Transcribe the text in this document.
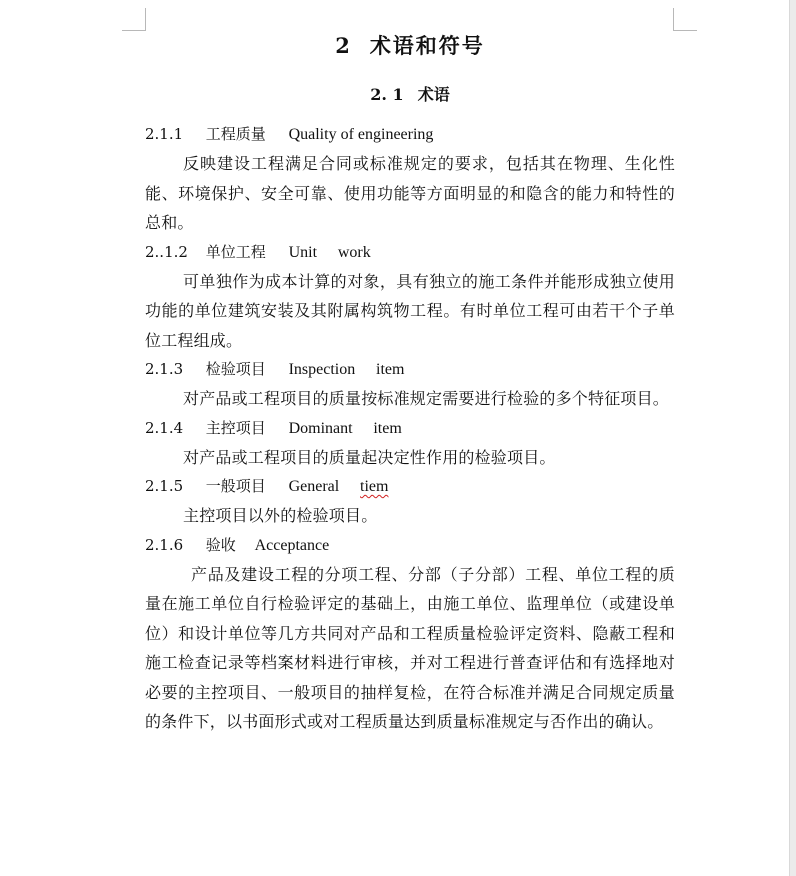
2 术语和符号
2. 1 术语
2.1.1 工程质量 Quality of engineering

反映建设工程满足合同或标准规定的要求，包括其在物理、生化性能、环境保护、安全可靠、使用功能等方面明显的和隐含的能力和特性的总和。

2..1.2 单位工程 Unit work

可单独作为成本计算的对象，具有独立的施工条件并能形成独立使用功能的单位建筑安装及其附属构筑物工程。有时单位工程可由若干个子单位工程组成。

2.1.3 检验项目 Inspection item

对产品或工程项目的质量按标准规定需要进行检验的多个特征项目。

2.1.4 主控项目 Dominant item

对产品或工程项目的质量起决定性作用的检验项目。

2.1.5 一般项目 General tiem

主控项目以外的检验项目。

2.1.6 验收 Acceptance

产品及建设工程的分项工程、分部（子分部）工程、单位工程的质量在施工单位自行检验评定的基础上，由施工单位、监理单位（或建设单位）和设计单位等几方共同对产品和工程质量检验评定资料、隐蔽工程和施工检查记录等档案材料进行审核，并对工程进行普查评估和有选择地对必要的主控项目、一般项目的抽样复检，在符合标准并满足合同规定质量的条件下，以书面形式或对工程质量达到质量标准规定与否作出的确认。
